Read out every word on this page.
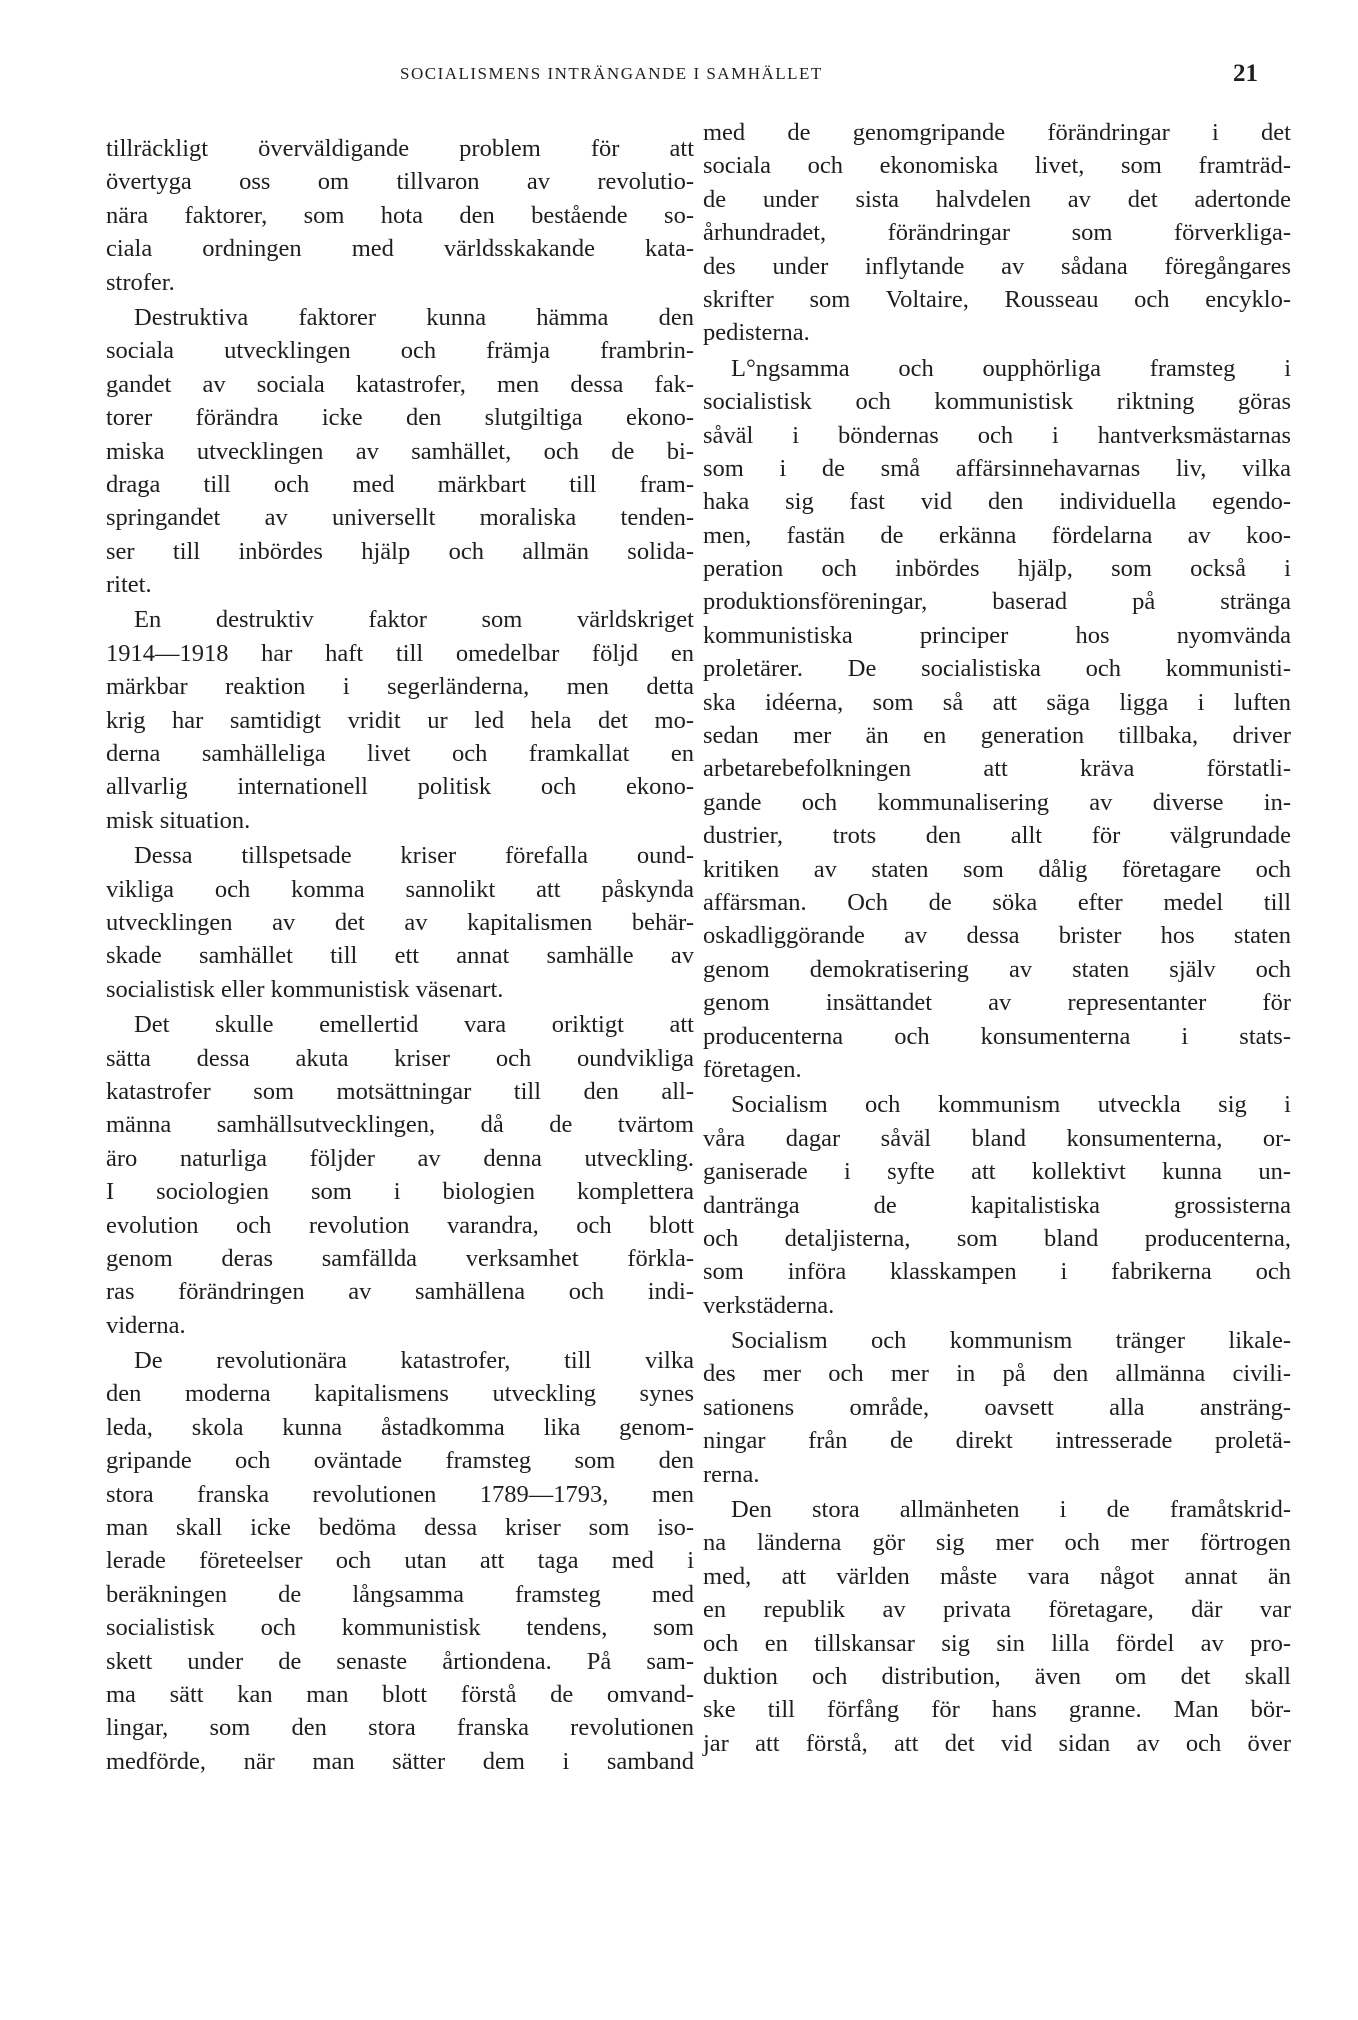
SOCIALISMENS INTRÄNGANDE I SAMHÄLLET	21
tillräckligt överväldigande problem för att
övertyga oss om tillvaron av revolutio-
nära faktorer, som hota den bestående so-
ciala ordningen med världsskakande kata-
strofer.
Destruktiva faktorer kunna hämma den
sociala utvecklingen och främja frambrin-
gandet av sociala katastrofer, men dessa fak-
torer förändra icke den slutgiltiga ekono-
miska utvecklingen av samhället, och de bi-
draga till och med märkbart till fram-
springandet av universellt moraliska tenden-
ser till inbördes hjälp och allmän solida-
ritet.
En destruktiv faktor som världskriget
1914—1918 har haft till omedelbar följd en
märkbar reaktion i segerländerna, men detta
krig har samtidigt vridit ur led hela det mo-
derna samhälleliga livet och framkallat en
allvarlig internationell politisk och ekono-
misk situation.
Dessa tillspetsade kriser förefalla ound-
vikliga och komma sannolikt att påskynda
utvecklingen av det av kapitalismen behär-
skade samhället till ett annat samhälle av
socialistisk eller kommunistisk väsenart.
Det skulle emellertid vara oriktigt att
sätta dessa akuta kriser och oundvikliga
katastrofer som motsättningar till den all-
männa samhällsutvecklingen, då de tvärtom
äro naturliga följder av denna utveckling.
I sociologien som i biologien komplettera
evolution och revolution varandra, och blott
genom deras samfällda verksamhet förkla-
ras förändringen av samhällena och indi-
viderna.
De revolutionära katastrofer, till vilka
den moderna kapitalismens utveckling synes
leda, skola kunna åstadkomma lika genom-
gripande och oväntade framsteg som den
stora franska revolutionen 1789—1793, men
man skall icke bedöma dessa kriser som iso-
lerade företeelser och utan att taga med i
beräkningen de långsamma framsteg med
socialistisk och kommunistisk tendens, som
skett under de senaste årtiondena. På sam-
ma sätt kan man blott förstå de omvand-
lingar, som den stora franska revolutionen
medförde, när man sätter dem i samband
med de genomgripande förändringar i det
sociala och ekonomiska livet, som framträd-
de under sista halvdelen av det adertonde
århundradet, förändringar som förverkliga-
des under inflytande av sådana föregångares
skrifter som Voltaire, Rousseau och encyklo-
pedisterna.
L°ngsamma och oupphörliga framsteg i
socialistisk och kommunistisk riktning göras
såväl i böndernas och i hantverksmästarnas
som i de små affärsinnehavarnas liv, vilka
haka sig fast vid den individuella egendo-
men, fastän de erkänna fördelarna av koo-
peration och inbördes hjälp, som också i
produktionsföreningar, baserad på stränga
kommunistiska principer hos nyomvända
proletärer. De socialistiska och kommunisti-
ska idéerna, som så att säga ligga i luften
sedan mer än en generation tillbaka, driver
arbetarebefolkningen att kräva förstatli-
gande och kommunalisering av diverse in-
dustrier, trots den allt för välgrundade
kritiken av staten som dålig företagare och
affärsman. Och de söka efter medel till
oskadliggörande av dessa brister hos staten
genom demokratisering av staten själv och
genom insättandet av representanter för
producenterna och konsumenterna i stats-
företagen.
Socialism och kommunism utveckla sig i
våra dagar såväl bland konsumenterna, or-
ganiserade i syfte att kollektivt kunna un-
dantränga de kapitalistiska grossisterna
och detaljisterna, som bland producenterna,
som införa klasskampen i fabrikerna och
verkstäderna.
Socialism och kommunism tränger likale-
des mer och mer in på den allmänna civili-
sationens område, oavsett alla ansträng-
ningar från de direkt intresserade proletä-
rerna.
Den stora allmänheten i de framåtskrid-
na länderna gör sig mer och mer förtrogen
med, att världen måste vara något annat än
en republik av privata företagare, där var
och en tillskansar sig sin lilla fördel av pro-
duktion och distribution, även om det skall
ske till förfång för hans granne. Man bör-
jar att förstå, att det vid sidan av och över
